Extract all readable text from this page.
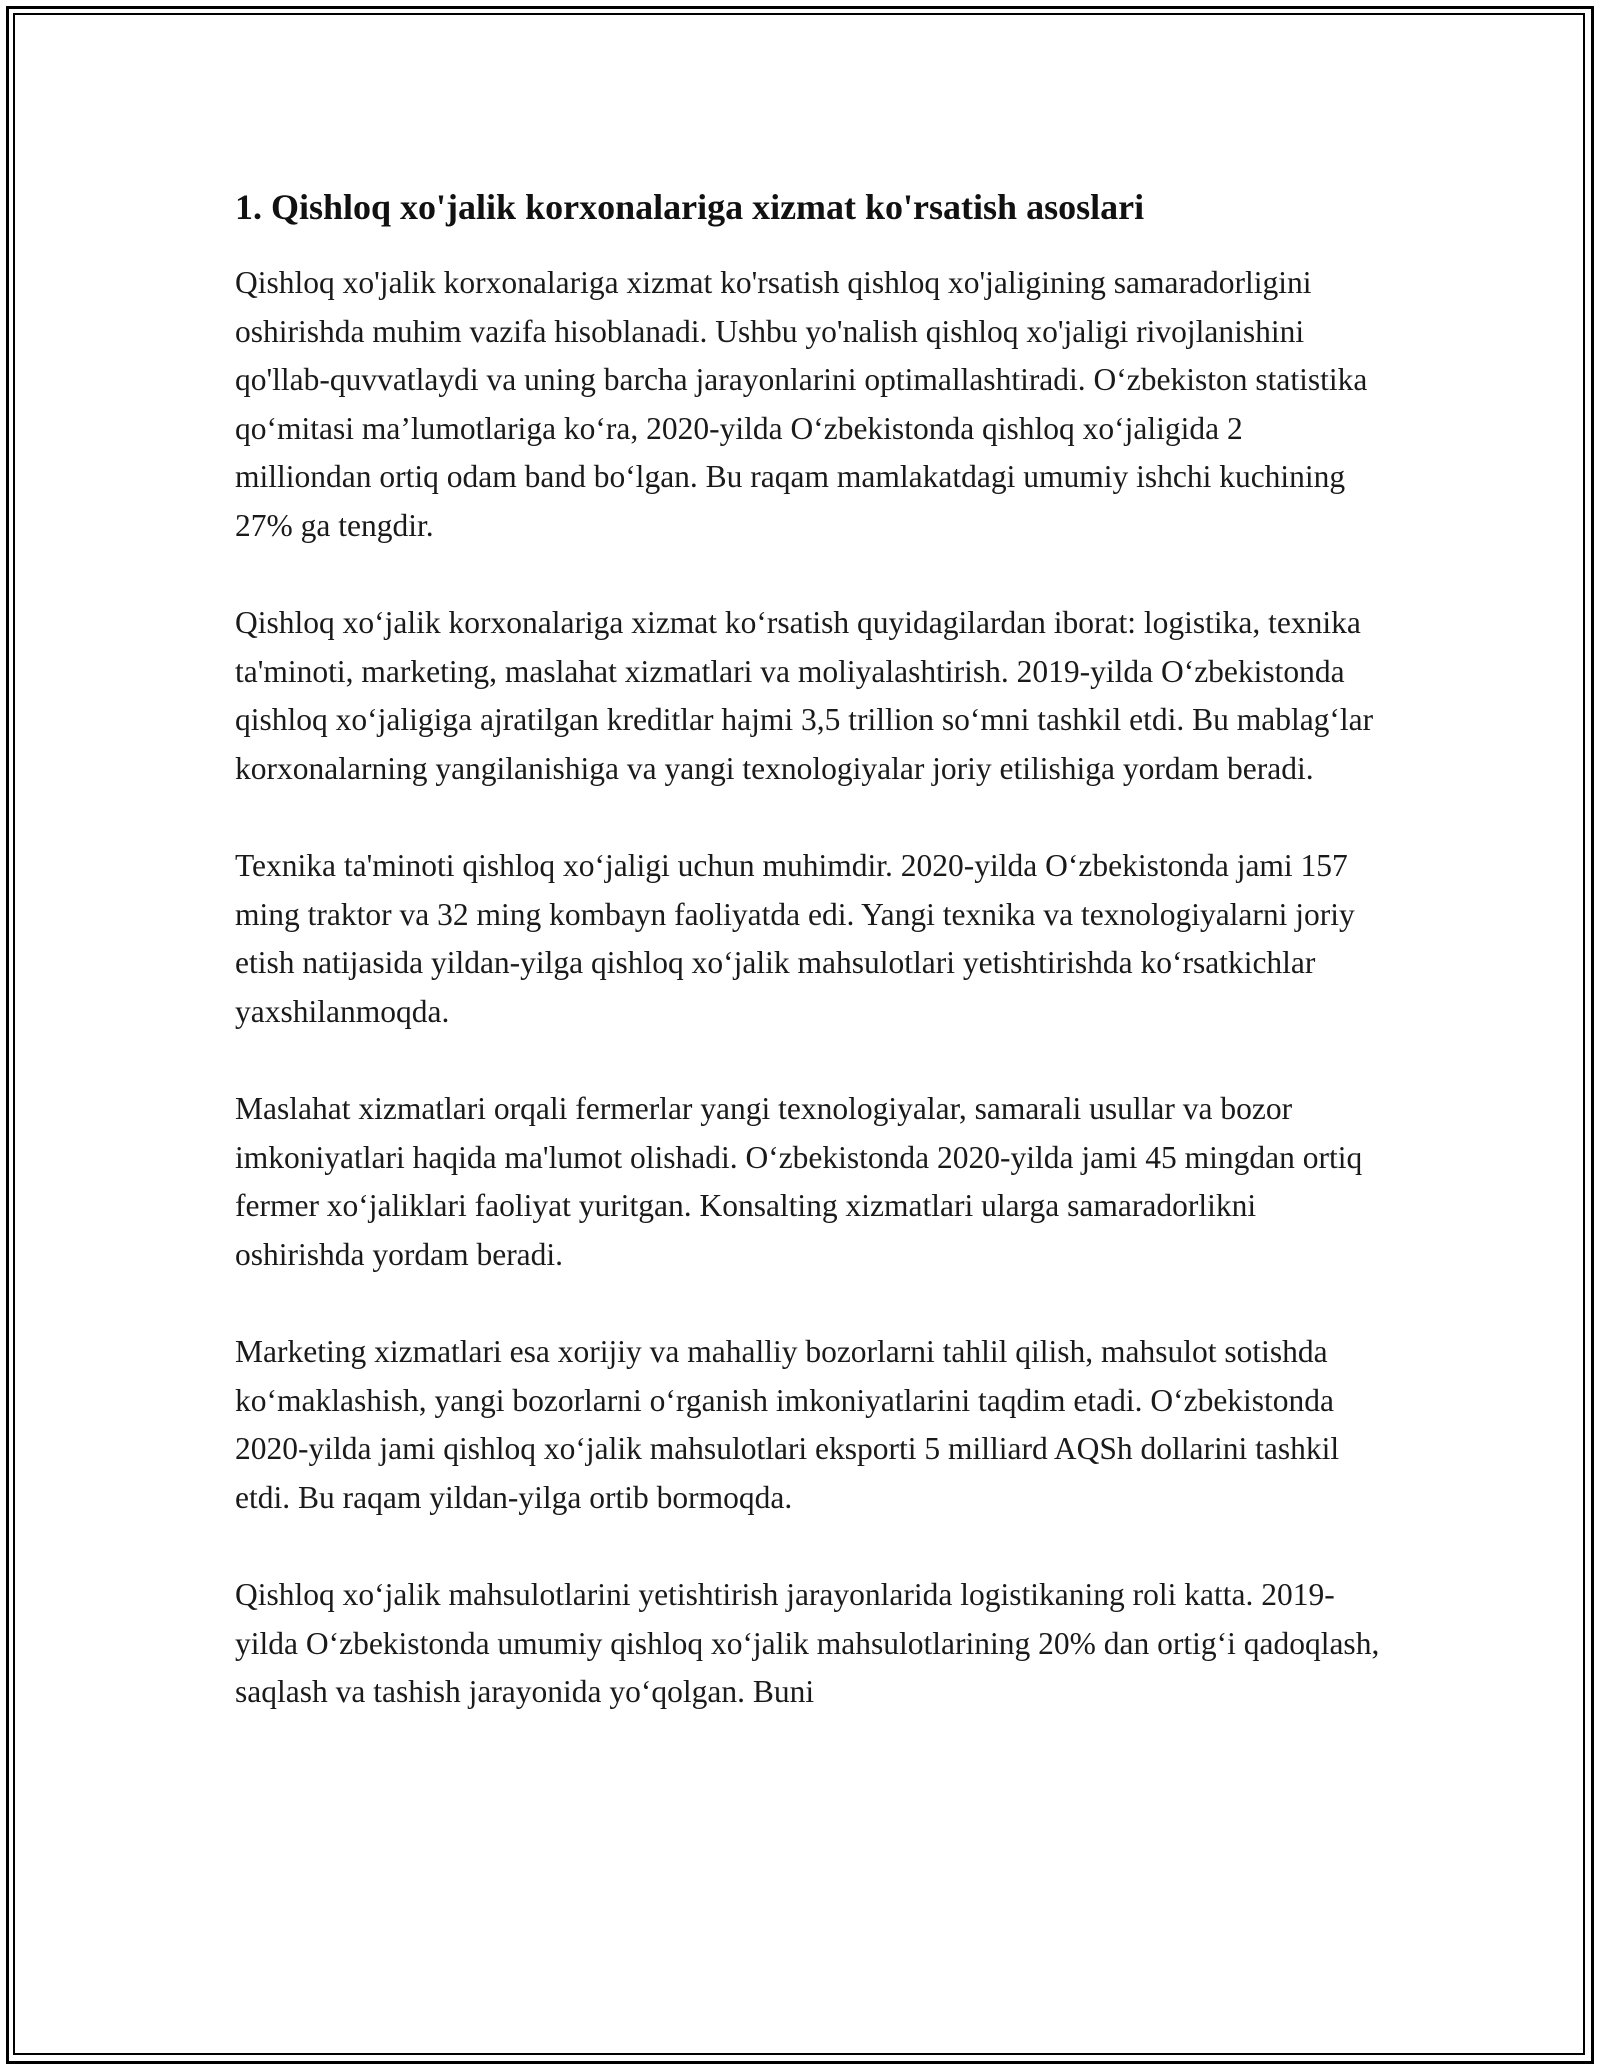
1. Qishloq xo'jalik korxonalariga xizmat ko'rsatish asoslari

Qishloq xo'jalik korxonalariga xizmat ko'rsatish qishloq xo'jaligining samaradorligini oshirishda muhim vazifa hisoblanadi. Ushbu yo'nalish qishloq xo'jaligi rivojlanishini qo'llab-quvvatlaydi va uning barcha jarayonlarini optimallashtiradi. O‘zbekiston statistika qo‘mitasi ma’lumotlariga ko‘ra, 2020-yilda O‘zbekistonda qishloq xo‘jaligida 2 milliondan ortiq odam band bo‘lgan. Bu raqam mamlakatdagi umumiy ishchi kuchining 27% ga tengdir.

Qishloq xo‘jalik korxonalariga xizmat ko‘rsatish quyidagilardan iborat: logistika, texnika ta'minoti, marketing, maslahat xizmatlari va moliyalashtirish. 2019-yilda O‘zbekistonda qishloq xo‘jaligiga ajratilgan kreditlar hajmi 3,5 trillion so‘mni tashkil etdi. Bu mablag‘lar korxonalarning yangilanishiga va yangi texnologiyalar joriy etilishiga yordam beradi.

Texnika ta'minoti qishloq xo‘jaligi uchun muhimdir. 2020-yilda O‘zbekistonda jami 157 ming traktor va 32 ming kombayn faoliyatda edi. Yangi texnika va texnologiyalarni joriy etish natijasida yildan-yilga qishloq xo‘jalik mahsulotlari yetishtirishda ko‘rsatkichlar yaxshilanmoqda.

Maslahat xizmatlari orqali fermerlar yangi texnologiyalar, samarali usullar va bozor imkoniyatlari haqida ma'lumot olishadi. O‘zbekistonda 2020-yilda jami 45 mingdan ortiq fermer xo‘jaliklari faoliyat yuritgan. Konsalting xizmatlari ularga samaradorlikni oshirishda yordam beradi.

Marketing xizmatlari esa xorijiy va mahalliy bozorlarni tahlil qilish, mahsulot sotishda ko‘maklashish, yangi bozorlarni o‘rganish imkoniyatlarini taqdim etadi. O‘zbekistonda 2020-yilda jami qishloq xo‘jalik mahsulotlari eksporti 5 milliard AQSh dollarini tashkil etdi. Bu raqam yildan-yilga ortib bormoqda.

Qishloq xo‘jalik mahsulotlarini yetishtirish jarayonlarida logistikaning roli katta. 2019-yilda O‘zbekistonda umumiy qishloq xo‘jalik mahsulotlarining 20% dan ortig‘i qadoqlash, saqlash va tashish jarayonida yo‘qolgan. Buni
